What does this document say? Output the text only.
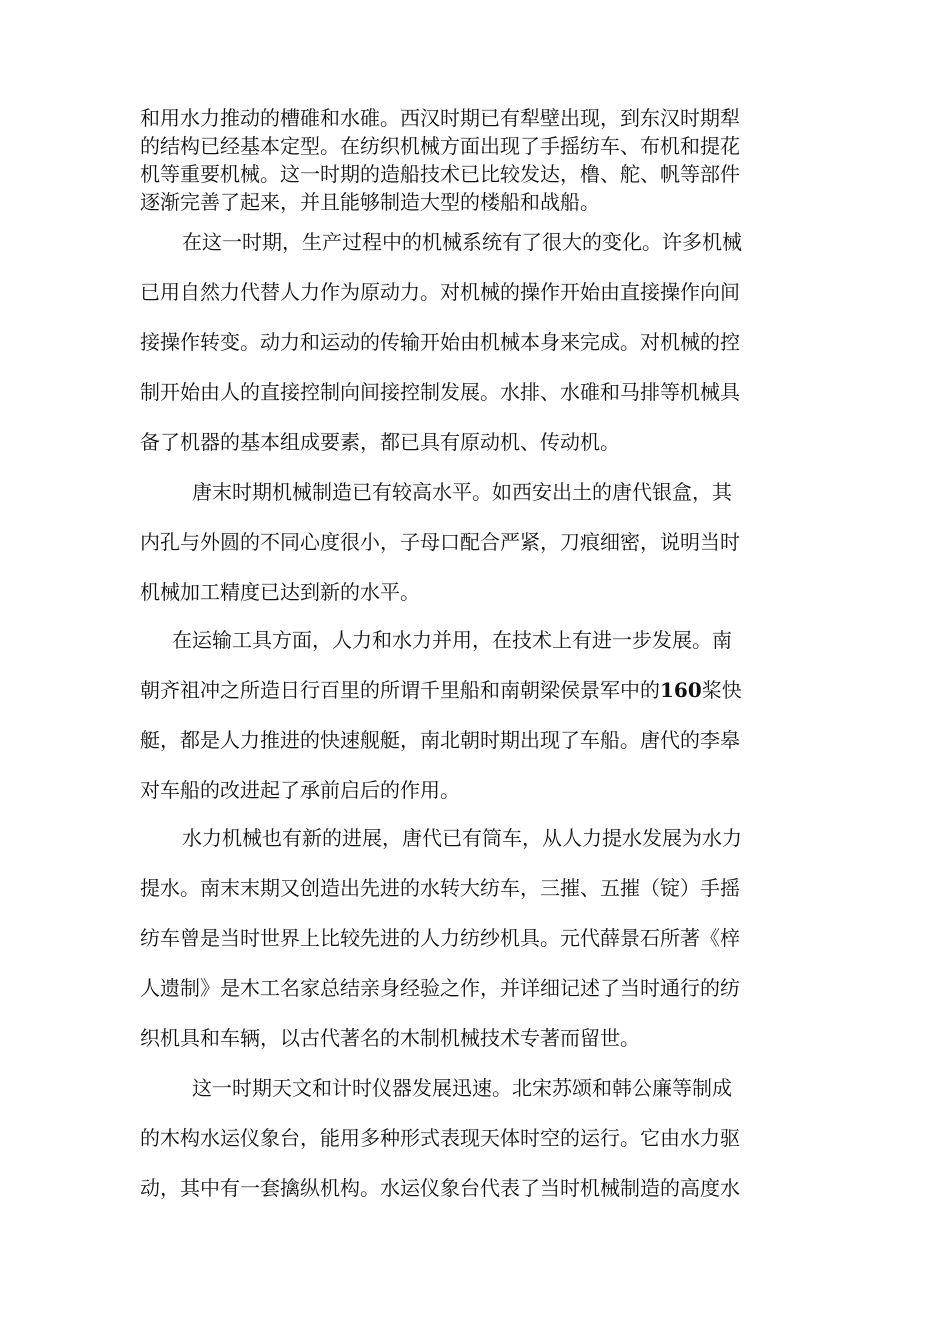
和用水力推动的槽碓和水碓。西汉时期已有犁壁出现，到东汉时期犁
的结构已经基本定型。在纺织机械方面出现了手摇纺车、布机和提花
机等重要机械。这一时期的造船技术已比较发达，橹、舵、帆等部件
逐渐完善了起来，并且能够制造大型的楼船和战船。
在这一时期，生产过程中的机械系统有了很大的变化。许多机械
已用自然力代替人力作为原动力。对机械的操作开始由直接操作向间
接操作转变。动力和运动的传输开始由机械本身来完成。对机械的控
制开始由人的直接控制向间接控制发展。水排、水碓和马排等机械具
备了机器的基本组成要素，都已具有原动机、传动机。
唐末时期机械制造已有较高水平。如西安出土的唐代银盒，其
内孔与外圆的不同心度很小，子母口配合严紧，刀痕细密，说明当时
机械加工精度已达到新的水平。
在运输工具方面，人力和水力并用，在技术上有进一步发展。南
朝齐祖冲之所造日行百里的所谓千里船和南朝梁侯景军中的160桨快
艇，都是人力推进的快速舰艇，南北朝时期出现了车船。唐代的李皋
对车船的改进起了承前启后的作用。
水力机械也有新的进展，唐代已有筒车，从人力提水发展为水力
提水。南末末期又创造出先进的水转大纺车，三摧、五摧（锭）手摇
纺车曾是当时世界上比较先进的人力纺纱机具。元代薛景石所著《梓
人遗制》是木工名家总结亲身经验之作，并详细记述了当时通行的纺
织机具和车辆，以古代著名的木制机械技术专著而留世。
这一时期天文和计时仪器发展迅速。北宋苏颂和韩公廉等制成
的木构水运仪象台，能用多种形式表现天体时空的运行。它由水力驱
动，其中有一套擒纵机构。水运仪象台代表了当时机械制造的高度水
